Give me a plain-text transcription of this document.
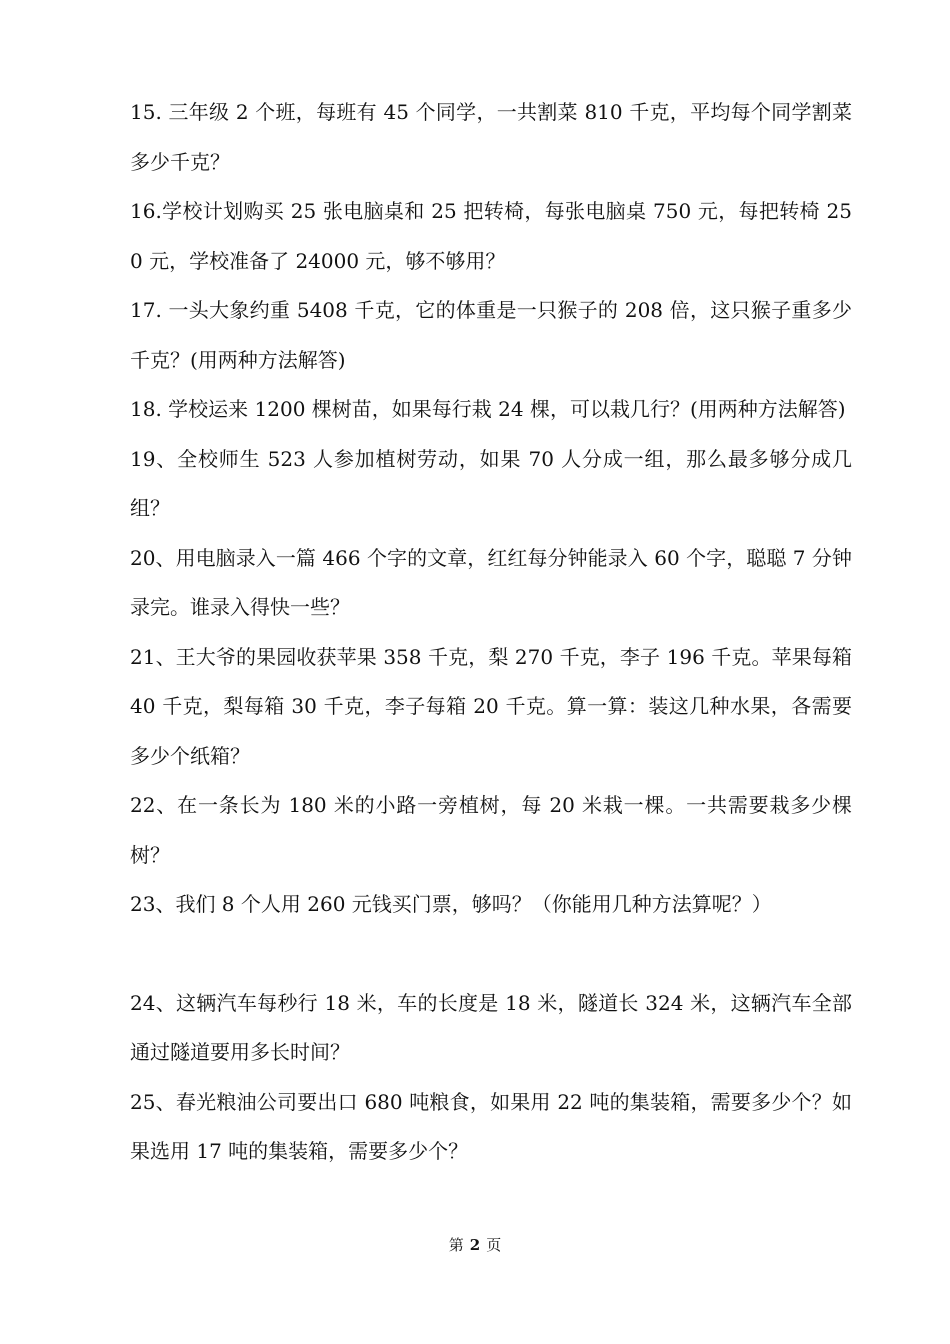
15. 三年级 2 个班，每班有 45 个同学，一共割菜 810 千克，平均每个同学割菜多少千克？

16.学校计划购买 25 张电脑桌和 25 把转椅，每张电脑桌 750 元，每把转椅 250 元，学校准备了 24000 元，够不够用？

17. 一头大象约重 5408 千克，它的体重是一只猴子的 208 倍，这只猴子重多少千克？(用两种方法解答)

18. 学校运来 1200 棵树苗，如果每行栽 24 棵，可以栽几行？(用两种方法解答)

19、全校师生 523 人参加植树劳动，如果 70 人分成一组，那么最多够分成几组？

20、用电脑录入一篇 466 个字的文章，红红每分钟能录入 60 个字，聪聪 7 分钟录完。谁录入得快一些？

21、王大爷的果园收获苹果 358 千克，梨 270 千克，李子 196 千克。苹果每箱 40 千克，梨每箱 30 千克，李子每箱 20 千克。算一算：装这几种水果，各需要多少个纸箱？

22、在一条长为 180 米的小路一旁植树，每 20 米栽一棵。一共需要栽多少棵树？

23、我们 8 个人用 260 元钱买门票，够吗？（你能用几种方法算呢？）

24、这辆汽车每秒行 18 米，车的长度是 18 米，隧道长 324 米，这辆汽车全部通过隧道要用多长时间？

25、春光粮油公司要出口 680 吨粮食，如果用 22 吨的集装箱，需要多少个？如果选用 17 吨的集装箱，需要多少个？

第 2 页
